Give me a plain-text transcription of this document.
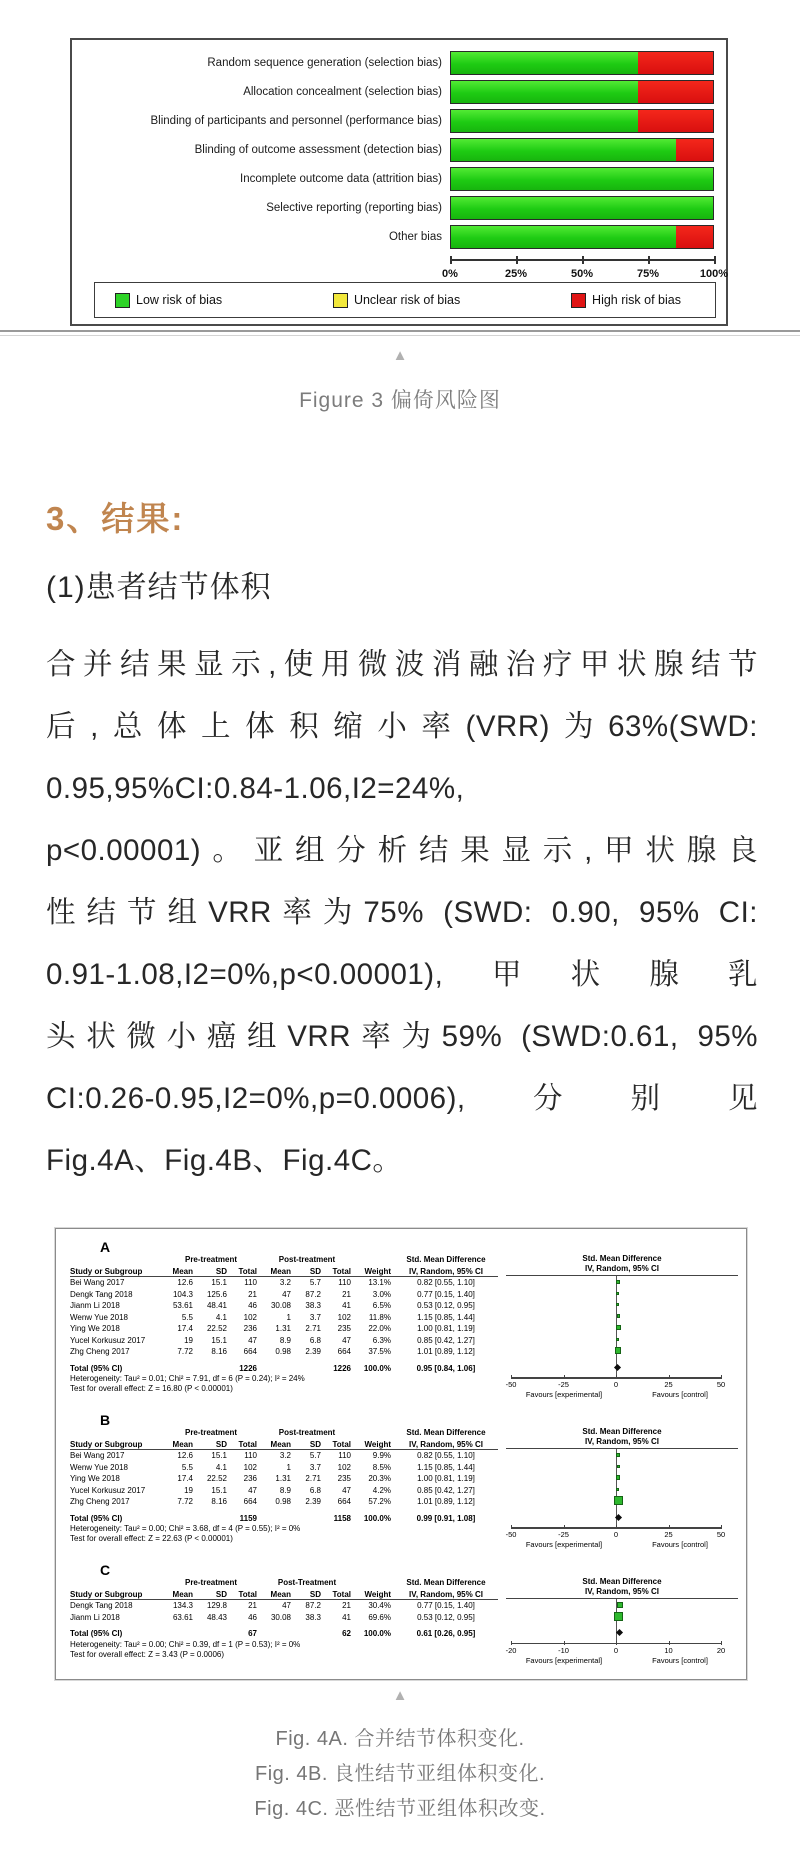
Random sequence generation (selection bias)
Allocation concealment (selection bias)
Blinding of participants and personnel (performance bias)
Blinding of outcome assessment (detection bias)
Incomplete outcome data (attrition bias)
Selective reporting (reporting bias)
Other bias
0%	25%	50%	75%	100%
Low risk of bias	Unclear risk of bias	High risk of bias
▲
Figure 3 偏倚风险图
3、结果:
(1)患者结节体积
合并结果显示,使用微波消融治疗甲状腺结节
后,总体上体积缩小率(VRR)为63%(SWD:
0.95,95%CI:0.84-1.06,I2=24%,
p<0.00001)。亚组分析结果显示,甲状腺良
性结节组VRR率为75% (SWD: 0.90, 95% CI:
0.91-1.08,I2=0%,p<0.00001),甲状腺乳
头状微小癌组VRR率为59% (SWD:0.61, 95%
CI:0.26-0.95,I2=0%,p=0.0006),分别见
Fig.4A、Fig.4B、Fig.4C。
A
Pre-treatment	Post-treatment	Std. Mean Difference
Study or Subgroup	Mean	SD	Total	Mean	SD	Total	Weight	IV, Random, 95% CI
Bei Wang 2017	12.6	15.1	110	3.2	5.7	110	13.1%	0.82 [0.55, 1.10]
Dengk Tang 2018	104.3	125.6	21	47	87.2	21	3.0%	0.77 [0.15, 1.40]
Jianm Li 2018	53.61	48.41	46	30.08	38.3	41	6.5%	0.53 [0.12, 0.95]
Wenw Yue 2018	5.5	4.1	102	1	3.7	102	11.8%	1.15 [0.85, 1.44]
Ying We 2018	17.4	22.52	236	1.31	2.71	235	22.0%	1.00 [0.81, 1.19]
Yucel Korkusuz 2017	19	15.1	47	8.9	6.8	47	6.3%	0.85 [0.42, 1.27]
Zhg Cheng 2017	7.72	8.16	664	0.98	2.39	664	37.5%	1.01 [0.89, 1.12]
Total (95% CI)	1226	1226	100.0%	0.95 [0.84, 1.06]
Heterogeneity: Tau² = 0.01; Chi² = 7.91, df = 6 (P = 0.24); I² = 24%
Test for overall effect: Z = 16.80 (P < 0.00001)
Std. Mean Difference
IV, Random, 95% CI
-50	-25	0	25	50
Favours [experimental]	Favours [control]
B
Pre-treatment	Post-treatment	Std. Mean Difference
Study or Subgroup	Mean	SD	Total	Mean	SD	Total	Weight	IV, Random, 95% CI
Bei Wang 2017	12.6	15.1	110	3.2	5.7	110	9.9%	0.82 [0.55, 1.10]
Wenw Yue 2018	5.5	4.1	102	1	3.7	102	8.5%	1.15 [0.85, 1.44]
Ying We 2018	17.4	22.52	236	1.31	2.71	235	20.3%	1.00 [0.81, 1.19]
Yucel Korkusuz 2017	19	15.1	47	8.9	6.8	47	4.2%	0.85 [0.42, 1.27]
Zhg Cheng 2017	7.72	8.16	664	0.98	2.39	664	57.2%	1.01 [0.89, 1.12]
Total (95% CI)	1159	1158	100.0%	0.99 [0.91, 1.08]
Heterogeneity: Tau² = 0.00; Chi² = 3.68, df = 4 (P = 0.55); I² = 0%
Test for overall effect: Z = 22.63 (P < 0.00001)
Std. Mean Difference
IV, Random, 95% CI
-50	-25	0	25	50
Favours [experimental]	Favours [control]
C
Pre-treatment	Post-Treatment	Std. Mean Difference
Study or Subgroup	Mean	SD	Total	Mean	SD	Total	Weight	IV, Random, 95% CI
Dengk Tang 2018	134.3	129.8	21	47	87.2	21	30.4%	0.77 [0.15, 1.40]
Jianm Li 2018	63.61	48.43	46	30.08	38.3	41	69.6%	0.53 [0.12, 0.95]
Total (95% CI)	67	62	100.0%	0.61 [0.26, 0.95]
Heterogeneity: Tau² = 0.00; Chi² = 0.39, df = 1 (P = 0.53); I² = 0%
Test for overall effect: Z = 3.43 (P = 0.0006)
Std. Mean Difference
IV, Random, 95% CI
-20	-10	0	10	20
Favours [experimental]	Favours [control]
▲
Fig. 4A. 合并结节体积变化.
Fig. 4B. 良性结节亚组体积变化.
Fig. 4C. 恶性结节亚组体积改变.
